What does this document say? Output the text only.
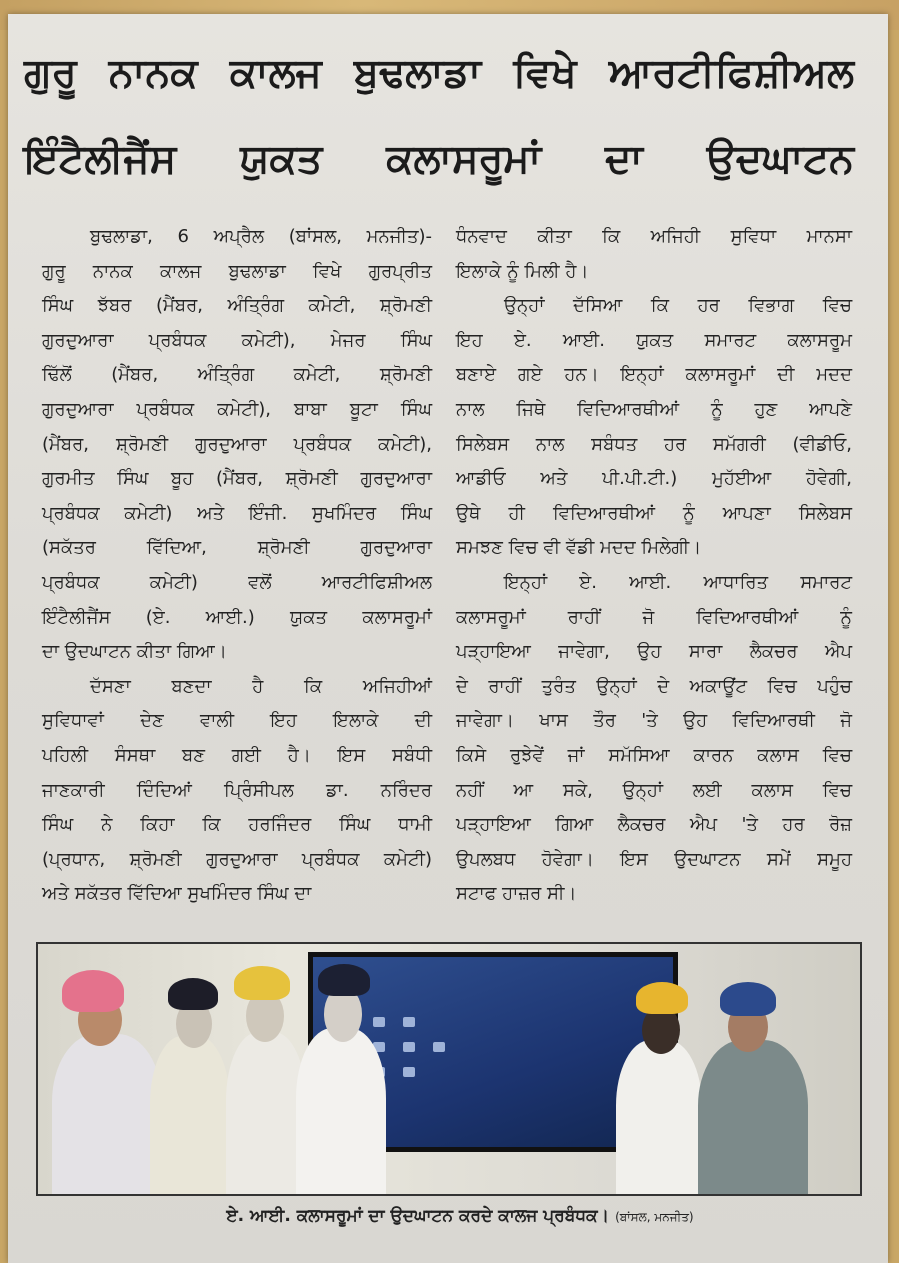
ਗੁਰੂ ਨਾਨਕ ਕਾਲਜ ਬੁਢਲਾਡਾ ਵਿਖੇ ਆਰਟੀਫਿਸ਼ੀਅਲ
ਇੰਟੈਲੀਜੈਂਸ ਯੁਕਤ ਕਲਾਸਰੂਮਾਂ ਦਾ ਉਦਘਾਟਨ
ਬੁਢਲਾਡਾ, 6 ਅਪ੍ਰੈਲ (ਬਾਂਸਲ, ਮਨਜੀਤ)-
ਗੁਰੂ ਨਾਨਕ ਕਾਲਜ ਬੁਢਲਾਡਾ ਵਿਖੇ ਗੁਰਪ੍ਰੀਤ
ਸਿੰਘ ਝੱਬਰ (ਮੈਂਬਰ, ਅੰਤ੍ਰਿੰਗ ਕਮੇਟੀ, ਸ਼੍ਰੋਮਣੀ
ਗੁਰਦੁਆਰਾ ਪ੍ਰਬੰਧਕ ਕਮੇਟੀ), ਮੇਜਰ ਸਿੰਘ
ਢਿੱਲੋਂ (ਮੈਂਬਰ, ਅੰਤ੍ਰਿੰਗ ਕਮੇਟੀ, ਸ਼੍ਰੋਮਣੀ
ਗੁਰਦੁਆਰਾ ਪ੍ਰਬੰਧਕ ਕਮੇਟੀ), ਬਾਬਾ ਬੂਟਾ ਸਿੰਘ
(ਮੈਂਬਰ, ਸ਼੍ਰੋਮਣੀ ਗੁਰਦੁਆਰਾ ਪ੍ਰਬੰਧਕ ਕਮੇਟੀ),
ਗੁਰਮੀਤ ਸਿੰਘ ਬੂਹ (ਮੈਂਬਰ, ਸ਼੍ਰੋਮਣੀ ਗੁਰਦੁਆਰਾ
ਪ੍ਰਬੰਧਕ ਕਮੇਟੀ) ਅਤੇ ਇੰਜੀ. ਸੁਖਮਿੰਦਰ ਸਿੰਘ
(ਸਕੱਤਰ ਵਿੱਦਿਆ, ਸ਼੍ਰੋਮਣੀ ਗੁਰਦੁਆਰਾ
ਪ੍ਰਬੰਧਕ ਕਮੇਟੀ) ਵਲੋਂ ਆਰਟੀਫਿਸ਼ੀਅਲ
ਇੰਟੈਲੀਜੈਂਸ (ਏ. ਆਈ.) ਯੁਕਤ ਕਲਾਸਰੂਮਾਂ
ਦਾ ਉਦਘਾਟਨ ਕੀਤਾ ਗਿਆ।
ਦੱਸਣਾ ਬਣਦਾ ਹੈ ਕਿ ਅਜਿਹੀਆਂ
ਸੁਵਿਧਾਵਾਂ ਦੇਣ ਵਾਲੀ ਇਹ ਇਲਾਕੇ ਦੀ
ਪਹਿਲੀ ਸੰਸਥਾ ਬਣ ਗਈ ਹੈ। ਇਸ ਸਬੰਧੀ
ਜਾਣਕਾਰੀ ਦਿੰਦਿਆਂ ਪ੍ਰਿੰਸੀਪਲ ਡਾ. ਨਰਿੰਦਰ
ਸਿੰਘ ਨੇ ਕਿਹਾ ਕਿ ਹਰਜਿੰਦਰ ਸਿੰਘ ਧਾਮੀ
(ਪ੍ਰਧਾਨ, ਸ਼੍ਰੋਮਣੀ ਗੁਰਦੁਆਰਾ ਪ੍ਰਬੰਧਕ ਕਮੇਟੀ)
ਅਤੇ ਸਕੱਤਰ ਵਿੱਦਿਆ ਸੁਖਮਿੰਦਰ ਸਿੰਘ ਦਾ
ਧੰਨਵਾਦ ਕੀਤਾ ਕਿ ਅਜਿਹੀ ਸੁਵਿਧਾ ਮਾਨਸਾ
ਇਲਾਕੇ ਨੂੰ ਮਿਲੀ ਹੈ।
ਉਨ੍ਹਾਂ ਦੱਸਿਆ ਕਿ ਹਰ ਵਿਭਾਗ ਵਿਚ
ਇਹ ਏ. ਆਈ. ਯੁਕਤ ਸਮਾਰਟ ਕਲਾਸਰੂਮ
ਬਣਾਏ ਗਏ ਹਨ। ਇਨ੍ਹਾਂ ਕਲਾਸਰੂਮਾਂ ਦੀ ਮਦਦ
ਨਾਲ ਜਿਥੇ ਵਿਦਿਆਰਥੀਆਂ ਨੂੰ ਹੁਣ ਆਪਣੇ
ਸਿਲੇਬਸ ਨਾਲ ਸਬੰਧਤ ਹਰ ਸਮੱਗਰੀ (ਵੀਡੀਓ,
ਆਡੀਓ ਅਤੇ ਪੀ.ਪੀ.ਟੀ.) ਮੁਹੱਈਆ ਹੋਵੇਗੀ,
ਉਥੇ ਹੀ ਵਿਦਿਆਰਥੀਆਂ ਨੂੰ ਆਪਣਾ ਸਿਲੇਬਸ
ਸਮਝਣ ਵਿਚ ਵੀ ਵੱਡੀ ਮਦਦ ਮਿਲੇਗੀ।
ਇਨ੍ਹਾਂ ਏ. ਆਈ. ਆਧਾਰਿਤ ਸਮਾਰਟ
ਕਲਾਸਰੂਮਾਂ ਰਾਹੀਂ ਜੋ ਵਿਦਿਆਰਥੀਆਂ ਨੂੰ
ਪੜ੍ਹਾਇਆ ਜਾਵੇਗਾ, ਉਹ ਸਾਰਾ ਲੈਕਚਰ ਐਪ
ਦੇ ਰਾਹੀਂ ਤੁਰੰਤ ਉਨ੍ਹਾਂ ਦੇ ਅਕਾਊਂਟ ਵਿਚ ਪਹੁੰਚ
ਜਾਵੇਗਾ। ਖਾਸ ਤੌਰ 'ਤੇ ਉਹ ਵਿਦਿਆਰਥੀ ਜੋ
ਕਿਸੇ ਰੁਝੇਵੇਂ ਜਾਂ ਸਮੱਸਿਆ ਕਾਰਨ ਕਲਾਸ ਵਿਚ
ਨਹੀਂ ਆ ਸਕੇ, ਉਨ੍ਹਾਂ ਲਈ ਕਲਾਸ ਵਿਚ
ਪੜ੍ਹਾਇਆ ਗਿਆ ਲੈਕਚਰ ਐਪ 'ਤੇ ਹਰ ਰੋਜ਼
ਉਪਲਬਧ ਹੋਵੇਗਾ। ਇਸ ਉਦਘਾਟਨ ਸਮੇਂ ਸਮੂਹ
ਸਟਾਫ ਹਾਜ਼ਰ ਸੀ।
ਏ. ਆਈ. ਕਲਾਸਰੂਮਾਂ ਦਾ ਉਦਘਾਟਨ ਕਰਦੇ ਕਾਲਜ ਪ੍ਰਬੰਧਕ। (ਬਾਂਸਲ, ਮਨਜੀਤ)
